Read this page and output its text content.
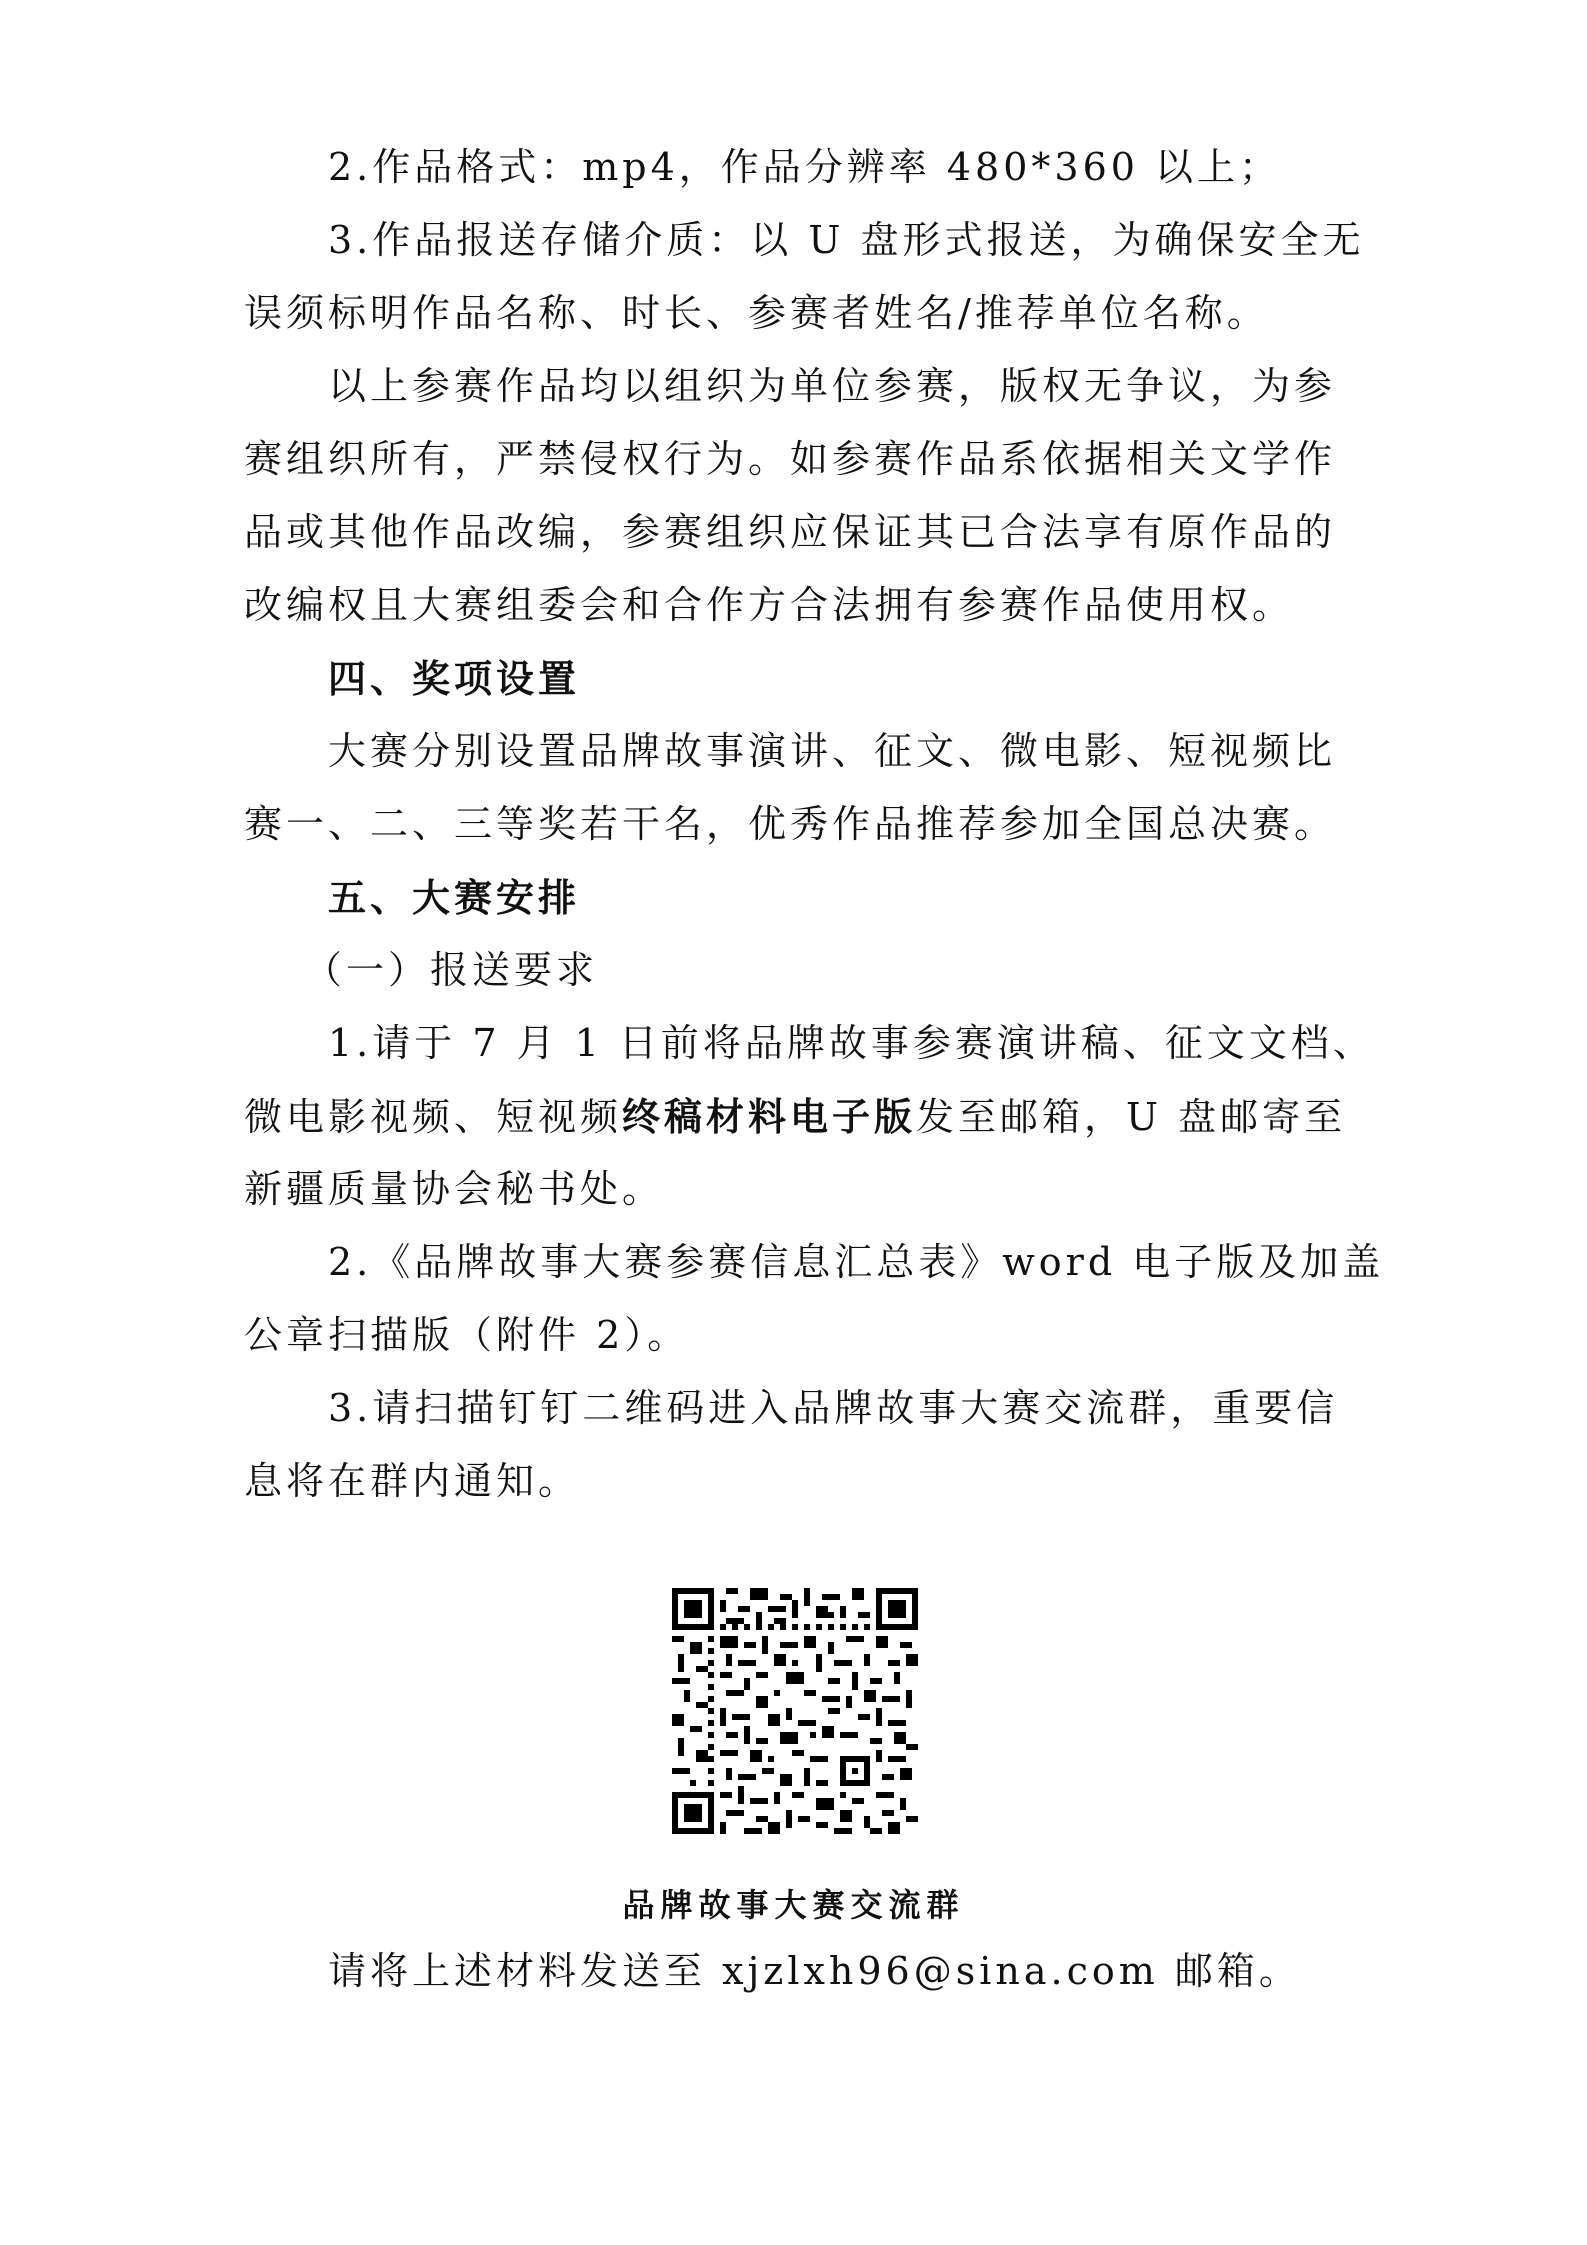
2.作品格式：mp4，作品分辨率 480*360 以上；
3.作品报送存储介质：以 U 盘形式报送，为确保安全无
误须标明作品名称、时长、参赛者姓名/推荐单位名称。
以上参赛作品均以组织为单位参赛，版权无争议，为参
赛组织所有，严禁侵权行为。如参赛作品系依据相关文学作
品或其他作品改编，参赛组织应保证其已合法享有原作品的
改编权且大赛组委会和合作方合法拥有参赛作品使用权。
四、奖项设置
大赛分别设置品牌故事演讲、征文、微电影、短视频比
赛一、二、三等奖若干名，优秀作品推荐参加全国总决赛。
五、大赛安排
（一）报送要求
1.请于 7 月 1 日前将品牌故事参赛演讲稿、征文文档、
微电影视频、短视频终稿材料电子版发至邮箱，U 盘邮寄至
新疆质量协会秘书处。
2.《品牌故事大赛参赛信息汇总表》word 电子版及加盖
公章扫描版（附件 2）。
3.请扫描钉钉二维码进入品牌故事大赛交流群，重要信
息将在群内通知。
品牌故事大赛交流群
请将上述材料发送至 xjzlxh96@sina.com 邮箱。
